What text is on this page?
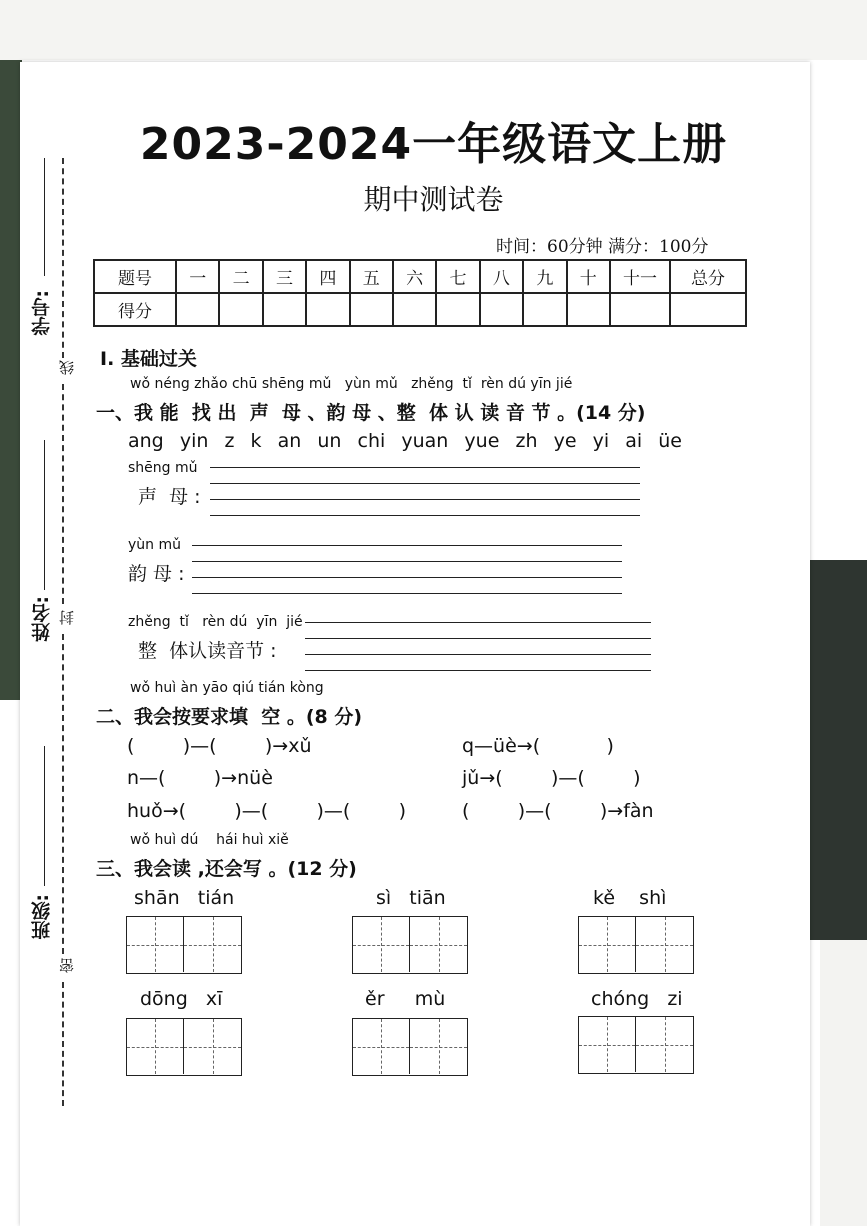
学号:
姓名:
班级:
线
封
密
2023-2024一年级语文上册
期中测试卷
时间：60分钟 满分：100分
题号	一	二	三	四	五	六	七	八	九	十	十一	总分
得分												
Ⅰ. 基础过关
wǒ néng zhǎo chū shēng mǔ   yùn mǔ   zhěng  tǐ  rèn dú yīn jié
一、我 能  找 出  声  母 、韵 母 、整  体 认 读 音 节 。(14 分)
ang  yin  z  k  an  un  chi  yuan  yue  zh  ye  yi  ai  üe
shēng mǔ
声  母 :
yùn mǔ
韵 母 :
zhěng  tǐ   rèn dú  yīn  jié
整  体认读音节 :
wǒ huì àn yāo qiú tián kòng
二、我会按要求填  空 。(8 分)
(        )—(        )→xǔ	q—üè→(           )
n—(        )→nüè	jǔ→(        )—(        )
huǒ→(        )—(        )—(        )	(        )—(        )→fàn
wǒ huì dú    hái huì xiě
三、我会读 ,还会写 。(12 分)
shān   tián	sì   tiān	kě    shì
dōng   xī	ěr     mù	chóng   zi
